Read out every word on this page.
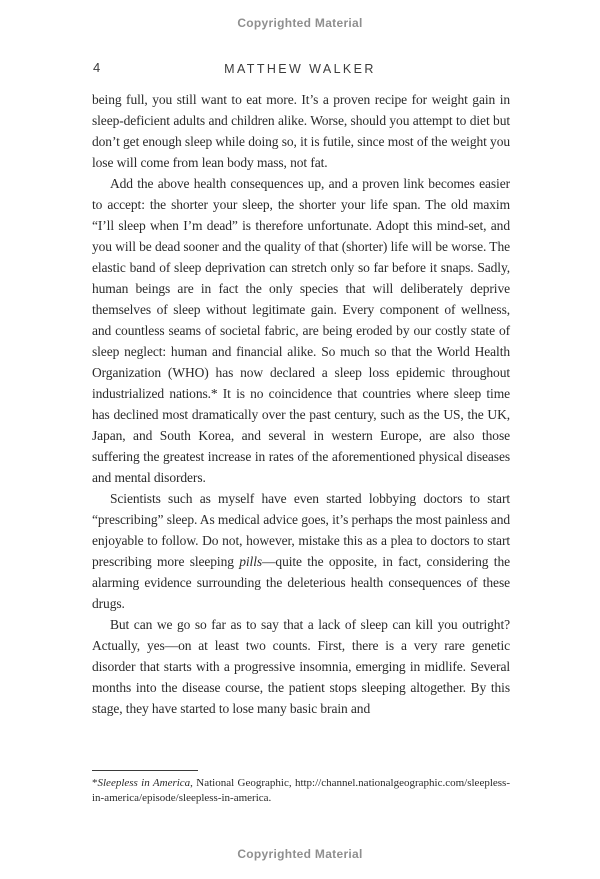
Copyrighted Material
4	MATTHEW WALKER

being full, you still want to eat more. It’s a proven recipe for weight gain in sleep-deficient adults and children alike. Worse, should you attempt to diet but don’t get enough sleep while doing so, it is futile, since most of the weight you lose will come from lean body mass, not fat.

Add the above health consequences up, and a proven link becomes easier to accept: the shorter your sleep, the shorter your life span. The old maxim “I’ll sleep when I’m dead” is therefore unfortunate. Adopt this mind-set, and you will be dead sooner and the quality of that (shorter) life will be worse. The elastic band of sleep deprivation can stretch only so far before it snaps. Sadly, human beings are in fact the only species that will deliberately deprive themselves of sleep without legitimate gain. Every component of wellness, and countless seams of societal fabric, are being eroded by our costly state of sleep neglect: human and financial alike. So much so that the World Health Organization (WHO) has now declared a sleep loss epidemic throughout industrialized nations.* It is no coincidence that countries where sleep time has declined most dramatically over the past century, such as the US, the UK, Japan, and South Korea, and several in western Europe, are also those suffering the greatest increase in rates of the aforementioned physical diseases and mental disorders.

Scientists such as myself have even started lobbying doctors to start “prescribing” sleep. As medical advice goes, it’s perhaps the most painless and enjoyable to follow. Do not, however, mistake this as a plea to doctors to start prescribing more sleeping pills—quite the opposite, in fact, considering the alarming evidence surrounding the deleterious health consequences of these drugs.

But can we go so far as to say that a lack of sleep can kill you outright? Actually, yes—on at least two counts. First, there is a very rare genetic disorder that starts with a progressive insomnia, emerging in midlife. Several months into the disease course, the patient stops sleeping altogether. By this stage, they have started to lose many basic brain and

*Sleepless in America, National Geographic, http://channel.nationalgeographic.com/sleepless-in-america/episode/sleepless-in-america.
Copyrighted Material
